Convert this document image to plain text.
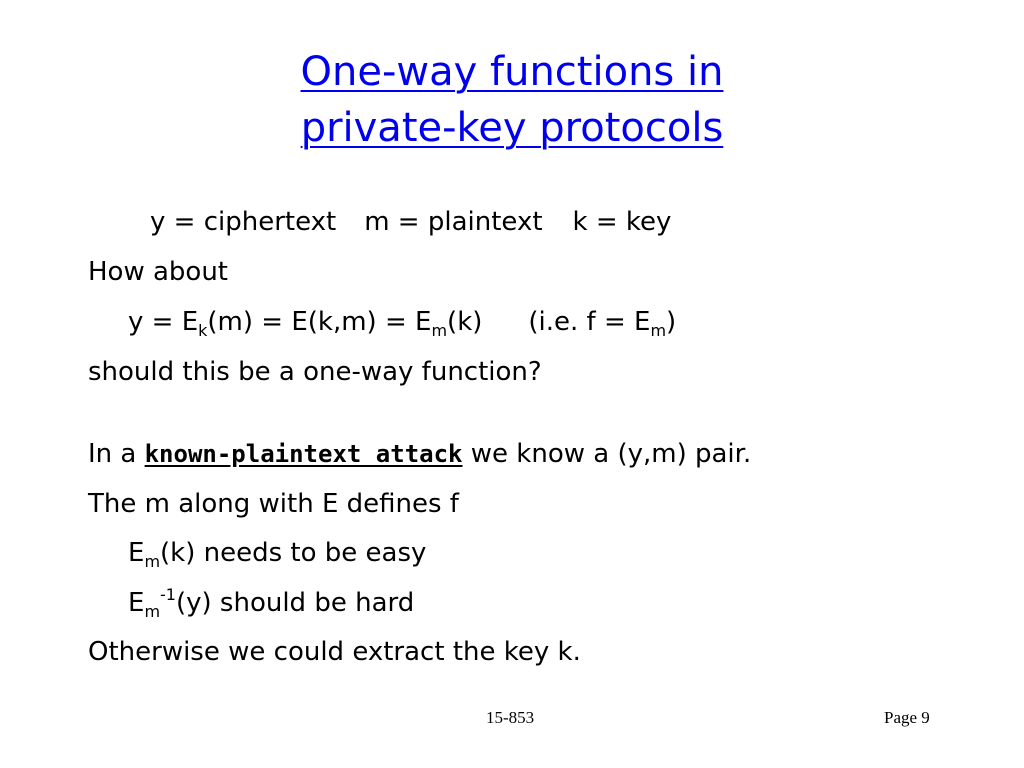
One-way functions in
private-key protocols
y = ciphertext m = plaintext k = key
How about
$y = E_k(m) = E(k,m) = E_m(k)$ (i.e. $f = E_m$)
should this be a one-way function?
In a known-plaintext attack we know a (y,m) pair.
The m along with E defines f
$E_m(k)$ needs to be easy
$E_m^{-1}(y)$ should be hard
Otherwise we could extract the key k.
15-853	Page 9
